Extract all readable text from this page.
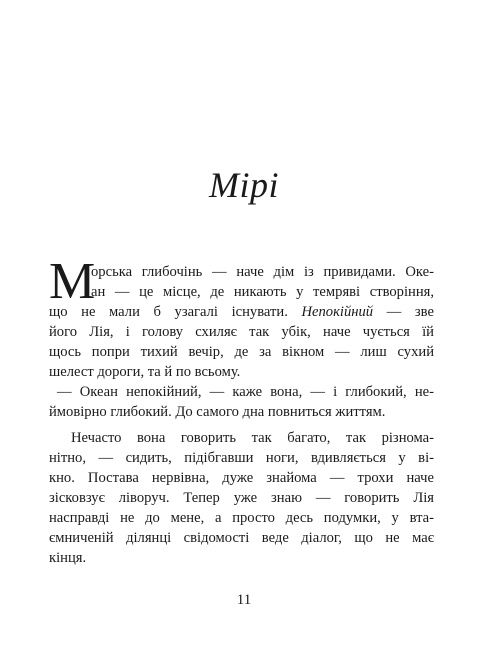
Мірі
М
орська глибочінь — наче дім із привидами. Оке-
ан — це місце, де никають у темряві створіння,
що не мали б узагалі існувати. Непокійний — зве
його Лія, і голову схиляє так убік, наче чується їй
щось попри тихий вечір, де за вікном — лиш сухий
шелест дороги, та й по всьому.
— Океан непокійний, — каже вона, — і глибокий, не-
ймовірно глибокий. До самого дна повниться життям.
Нечасто вона говорить так багато, так різнома-
нітно, — сидить, підібгавши ноги, вдивляється у ві-
кно. Постава нервівна, дуже знайома — трохи наче
зісковзує ліворуч. Тепер уже знаю — говорить Лія
насправді не до мене, а просто десь подумки, у вта-
ємниченій ділянці свідомості веде діалог, що не має
кінця.
11
